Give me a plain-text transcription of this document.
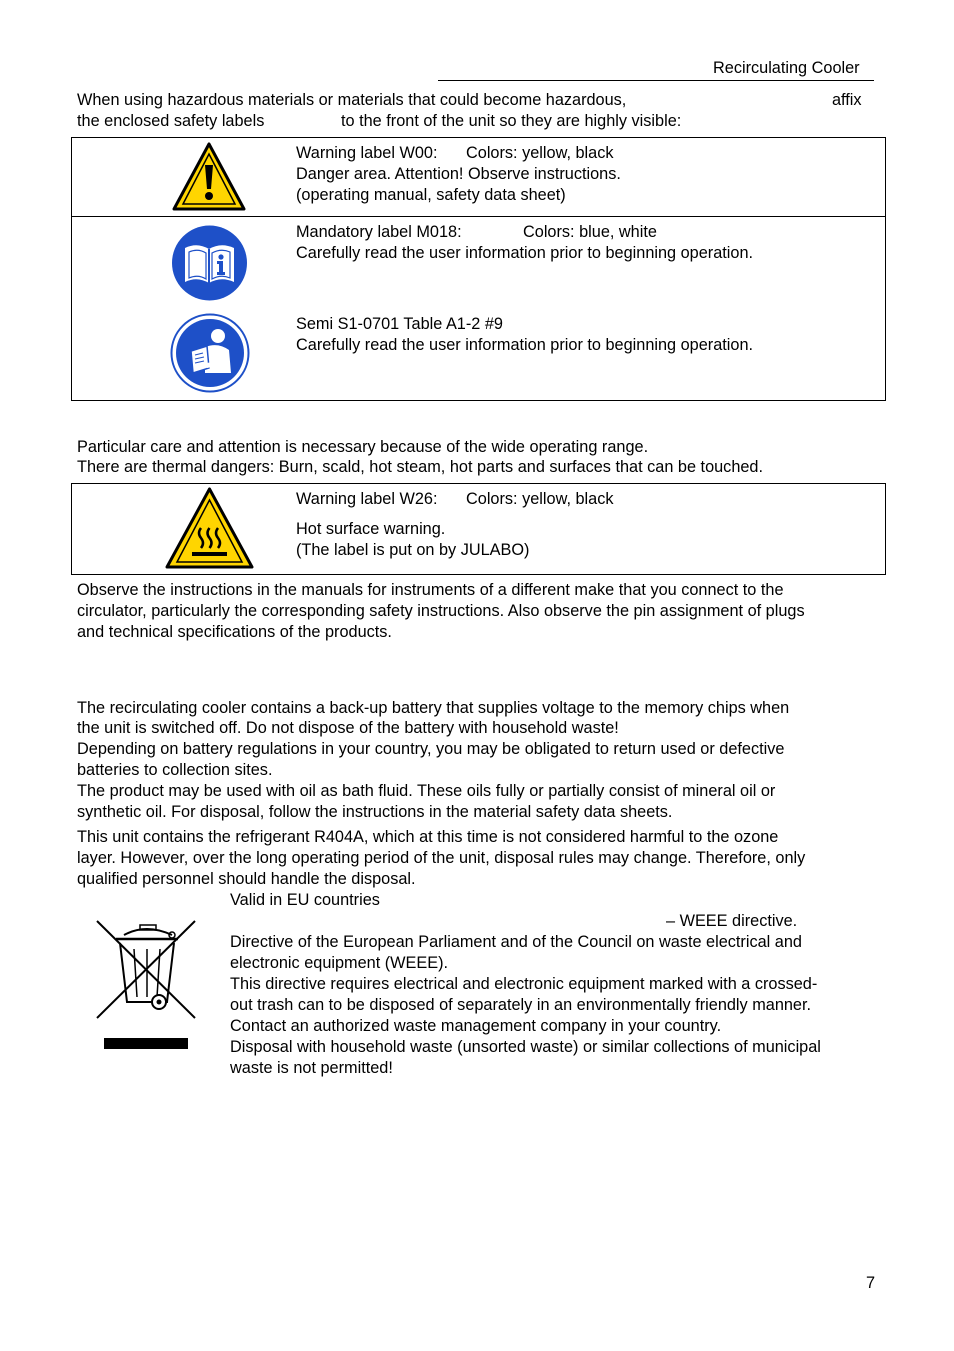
Recirculating Cooler
When using hazardous materials or materials that could become hazardous,	affix
the enclosed safety labels	to the front of the unit so they are highly visible:
Warning label W00: Colors: yellow, black
Danger area. Attention! Observe instructions.
(operating manual, safety data sheet)
Mandatory label M018:	Colors: blue, white
Carefully read the user information prior to beginning operation.
Semi S1-0701 Table A1-2 #9
Carefully read the user information prior to beginning operation.
Particular care and attention is necessary because of the wide operating range.
There are thermal dangers: Burn, scald, hot steam, hot parts and surfaces that can be touched.
Warning label W26: Colors: yellow, black
Hot surface warning.
(The label is put on by JULABO)
Observe the instructions in the manuals for instruments of a different make that you connect to the
circulator, particularly the corresponding safety instructions. Also observe the pin assignment of plugs
and technical specifications of the products.
The recirculating cooler contains a back-up battery that supplies voltage to the memory chips when
the unit is switched off. Do not dispose of the battery with household waste!
Depending on battery regulations in your country, you may be obligated to return used or defective
batteries to collection sites.
The product may be used with oil as bath fluid. These oils fully or partially consist of mineral oil or
synthetic oil. For disposal, follow the instructions in the material safety data sheets.
This unit contains the refrigerant R404A, which at this time is not considered harmful to the ozone
layer. However, over the long operating period of the unit, disposal rules may change. Therefore, only
qualified personnel should handle the disposal.
Valid in EU countries
– WEEE directive.
Directive of the European Parliament and of the Council on waste electrical and
electronic equipment (WEEE).
This directive requires electrical and electronic equipment marked with a crossed-
out trash can to be disposed of separately in an environmentally friendly manner.
Contact an authorized waste management company in your country.
Disposal with household waste (unsorted waste) or similar collections of municipal
waste is not permitted!
7
